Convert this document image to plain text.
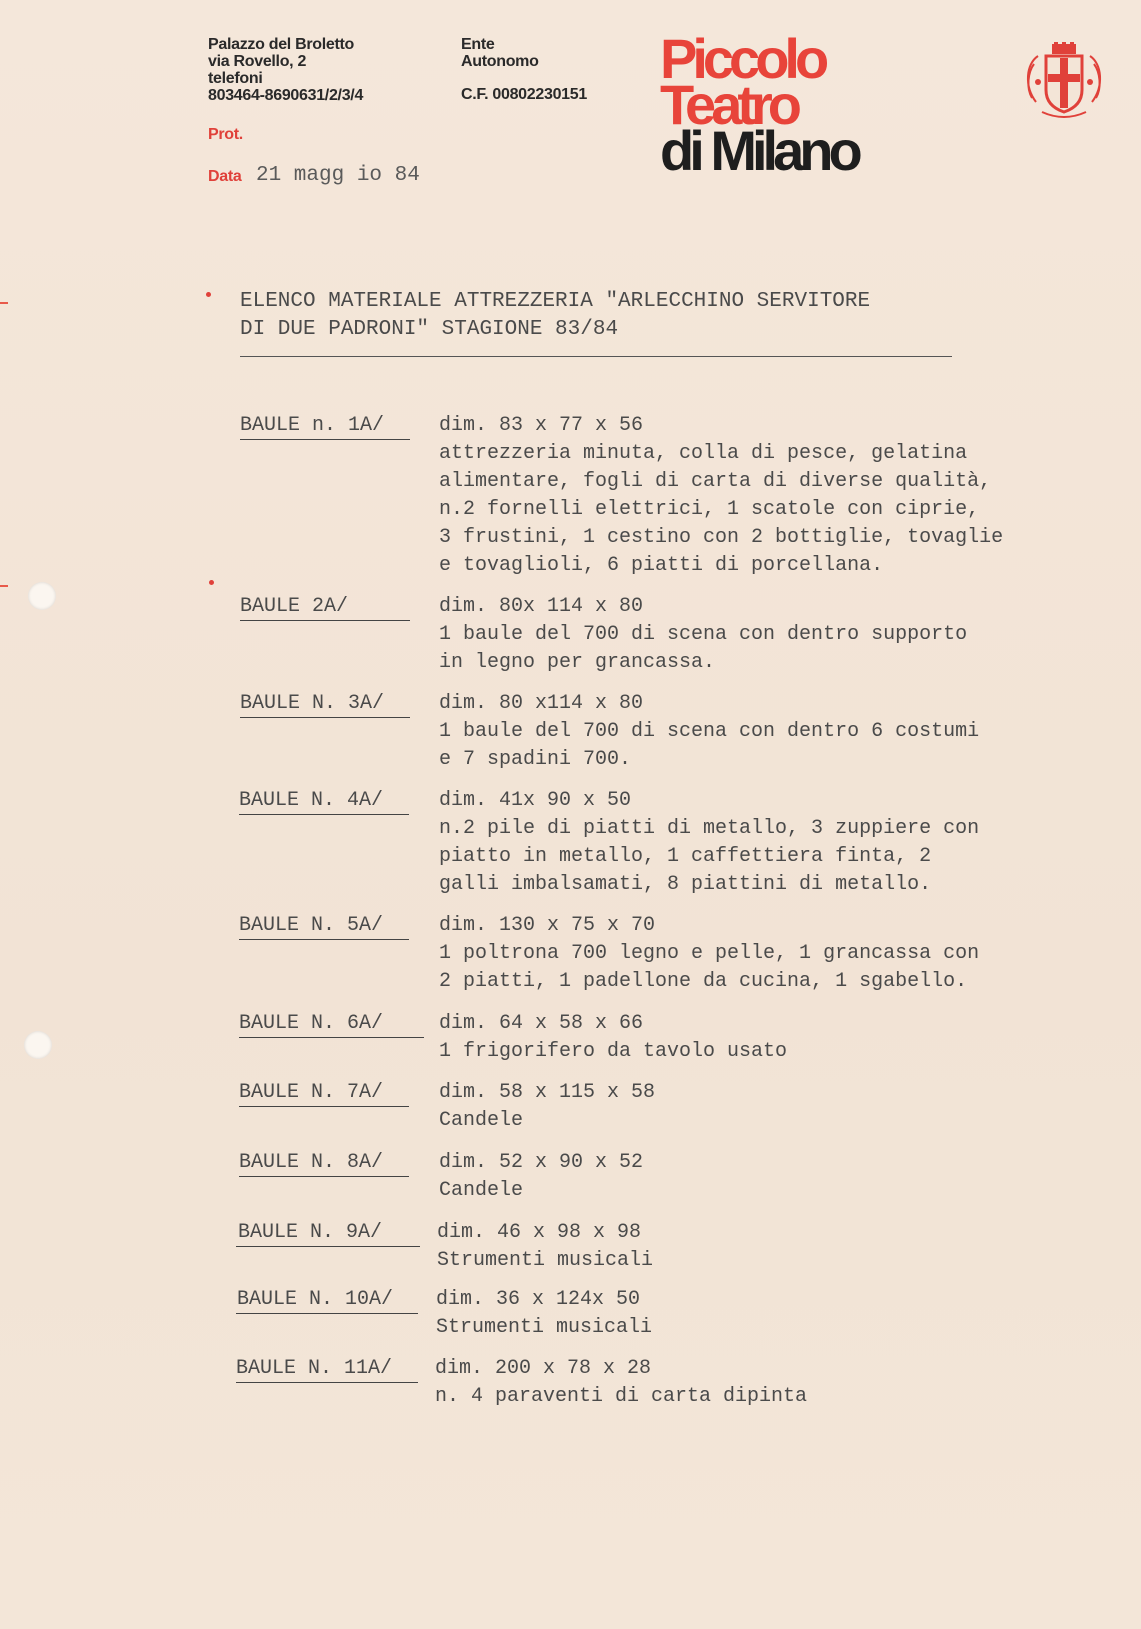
Palazzo del Broletto
via Rovello, 2
telefoni
803464-8690631/2/3/4
Ente
Autonomo
C.F. 00802230151
Prot.
Data 21 magg io 84
Piccolo
Teatro
di Milano
ELENCO MATERIALE ATTREZZERIA "ARLECCHINO SERVITORE
DI DUE PADRONI" STAGIONE 83/84
BAULE n. 1A/	dim. 83 x 77 x 56
attrezzeria minuta, colla di pesce, gelatina
alimentare, fogli di carta di diverse qualità,
n.2 fornelli elettrici, 1 scatole con ciprie,
3 frustini, 1 cestino con 2 bottiglie, tovaglie
e tovaglioli, 6 piatti di porcellana.
BAULE 2A/	dim. 80x 114 x 80
1 baule del 700 di scena con dentro supporto
in legno per grancassa.
BAULE N. 3A/	dim. 80 x114 x 80
1 baule del 700 di scena con dentro 6 costumi
e 7 spadini 700.
BAULE N. 4A/	dim. 41x 90 x 50
n.2 pile di piatti di metallo, 3 zuppiere con
piatto in metallo, 1 caffettiera finta, 2
galli imbalsamati, 8 piattini di metallo.
BAULE N. 5A/	dim. 130 x 75 x 70
1 poltrona 700 legno e pelle, 1 grancassa con
2 piatti, 1 padellone da cucina, 1 sgabello.
BAULE N. 6A/	dim. 64 x 58 x 66
1 frigorifero da tavolo usato
BAULE N. 7A/	dim. 58 x 115 x 58
Candele
BAULE N. 8A/	dim. 52 x 90 x 52
Candele
BAULE N. 9A/	dim. 46 x 98 x 98
Strumenti musicali
BAULE N. 10A/ dim. 36 x 124x 50
Strumenti musicali
BAULE N. 11A/ dim. 200 x 78 x 28
n. 4 paraventi di carta dipinta
